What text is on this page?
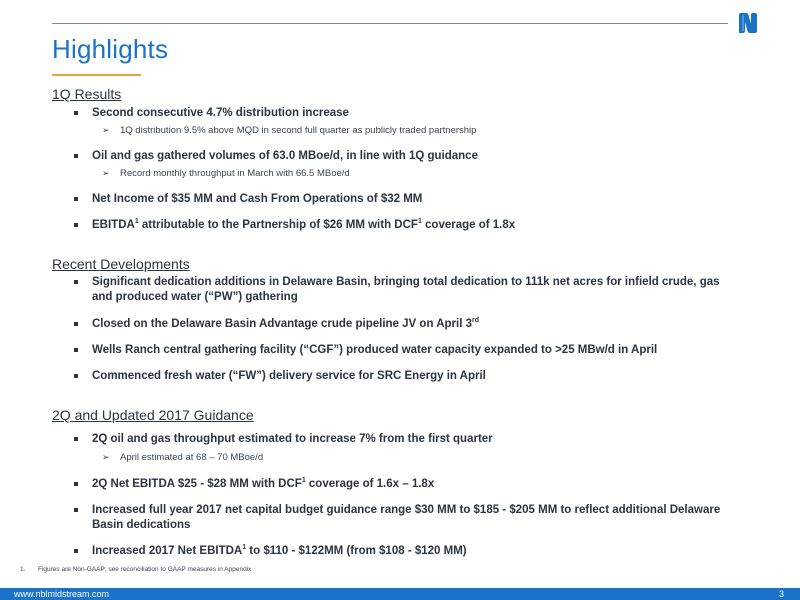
Highlights
1Q Results
Second consecutive 4.7% distribution increase
➢ 1Q distribution 9.5% above MQD in second full quarter as publicly traded partnership
Oil and gas gathered volumes of 63.0 MBoe/d, in line with 1Q guidance
➢ Record monthly throughput in March with 66.5 MBoe/d
Net Income of $35 MM and Cash From Operations of $32 MM
EBITDA$^1$ attributable to the Partnership of $26 MM with DCF$^1$ coverage of 1.8x
Recent Developments
Significant dedication additions in Delaware Basin, bringing total dedication to 111k net acres for infield crude, gas and produced water (“PW”) gathering
Closed on the Delaware Basin Advantage crude pipeline JV on April 3rd
Wells Ranch central gathering facility (“CGF”) produced water capacity expanded to >25 MBw/d in April
Commenced fresh water (“FW”) delivery service for SRC Energy in April
2Q and Updated 2017 Guidance
2Q oil and gas throughput estimated to increase 7% from the first quarter
➢ April estimated at 68 – 70 MBoe/d
2Q Net EBITDA $25 - $28 MM with DCF$^1$ coverage of 1.6x – 1.8x
Increased full year 2017 net capital budget guidance range $30 MM to $185 - $205 MM to reflect additional Delaware Basin dedications
Increased 2017 Net EBITDA$^1$ to $110 - $122MM (from $108 - $120 MM)
1. Figures are Non-GAAP; see reconciliation to GAAP measures in Appendix
www.nblmidstream.com	3
